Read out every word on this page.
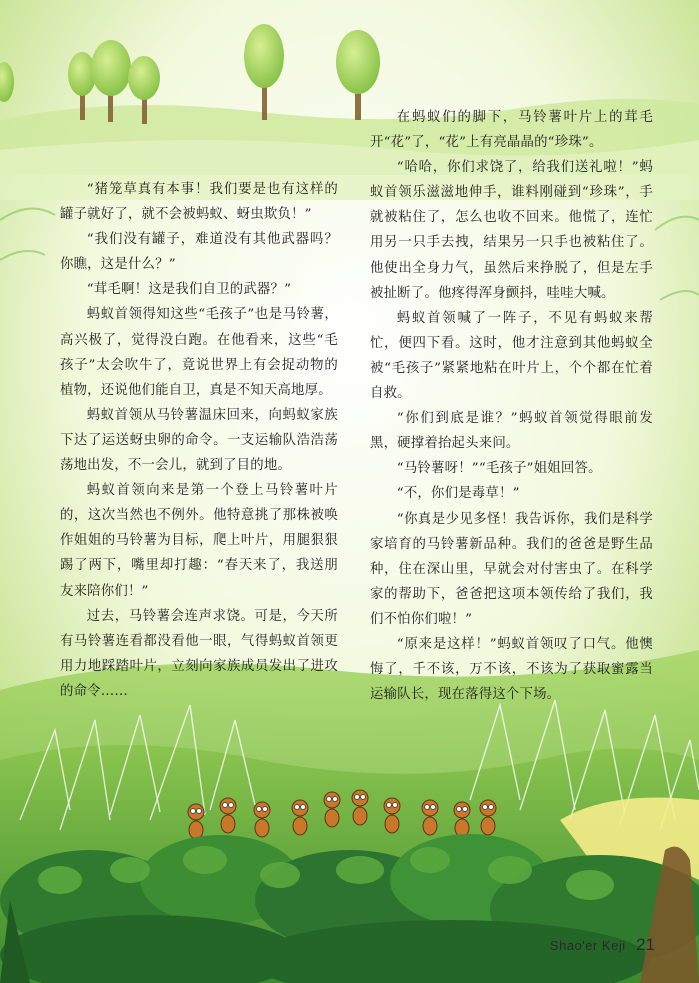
“猪笼草真有本事！我们要是也有这样的罐子就好了，就不会被蚂蚁、蚜虫欺负！”

“我们没有罐子，难道没有其他武器吗？你瞧，这是什么？”

“茸毛啊！这是我们自卫的武器？”

蚂蚁首领得知这些“毛孩子”也是马铃薯，高兴极了，觉得没白跑。在他看来，这些“毛孩子”太会吹牛了，竟说世界上有会捉动物的植物，还说他们能自卫，真是不知天高地厚。

蚂蚁首领从马铃薯温床回来，向蚂蚁家族下达了运送蚜虫卵的命令。一支运输队浩浩荡荡地出发，不一会儿，就到了目的地。

蚂蚁首领向来是第一个登上马铃薯叶片的，这次当然也不例外。他特意挑了那株被唤作姐姐的马铃薯为目标，爬上叶片，用腿狠狠踢了两下，嘴里却打趣：“春天来了，我送朋友来陪你们！”

过去，马铃薯会连声求饶。可是，今天所有马铃薯连看都没看他一眼，气得蚂蚁首领更用力地踩踏叶片，立刻向家族成员发出了进攻的命令……

在蚂蚁们的脚下，马铃薯叶片上的茸毛开“花”了，“花”上有亮晶晶的“珍珠”。

“哈哈，你们求饶了，给我们送礼啦！”蚂蚁首领乐滋滋地伸手，谁料刚碰到“珍珠”，手就被粘住了，怎么也收不回来。他慌了，连忙用另一只手去拽，结果另一只手也被粘住了。他使出全身力气，虽然后来挣脱了，但是左手被扯断了。他疼得浑身颤抖，哇哇大喊。

蚂蚁首领喊了一阵子，不见有蚂蚁来帮忙，便四下看。这时，他才注意到其他蚂蚁全被“毛孩子”紧紧地粘在叶片上，个个都在忙着自救。

“你们到底是谁？”蚂蚁首领觉得眼前发黑，硬撑着抬起头来问。

“马铃薯呀！”“毛孩子”姐姐回答。

“不，你们是毒草！”

“你真是少见多怪！我告诉你，我们是科学家培育的马铃薯新品种。我们的爸爸是野生品种，住在深山里，早就会对付害虫了。在科学家的帮助下，爸爸把这项本领传给了我们，我们不怕你们啦！”

“原来是这样！”蚂蚁首领叹了口气。他懊悔了，千不该，万不该，不该为了获取蜜露当运输队长，现在落得这个下场。

Shao'er Keji 21
